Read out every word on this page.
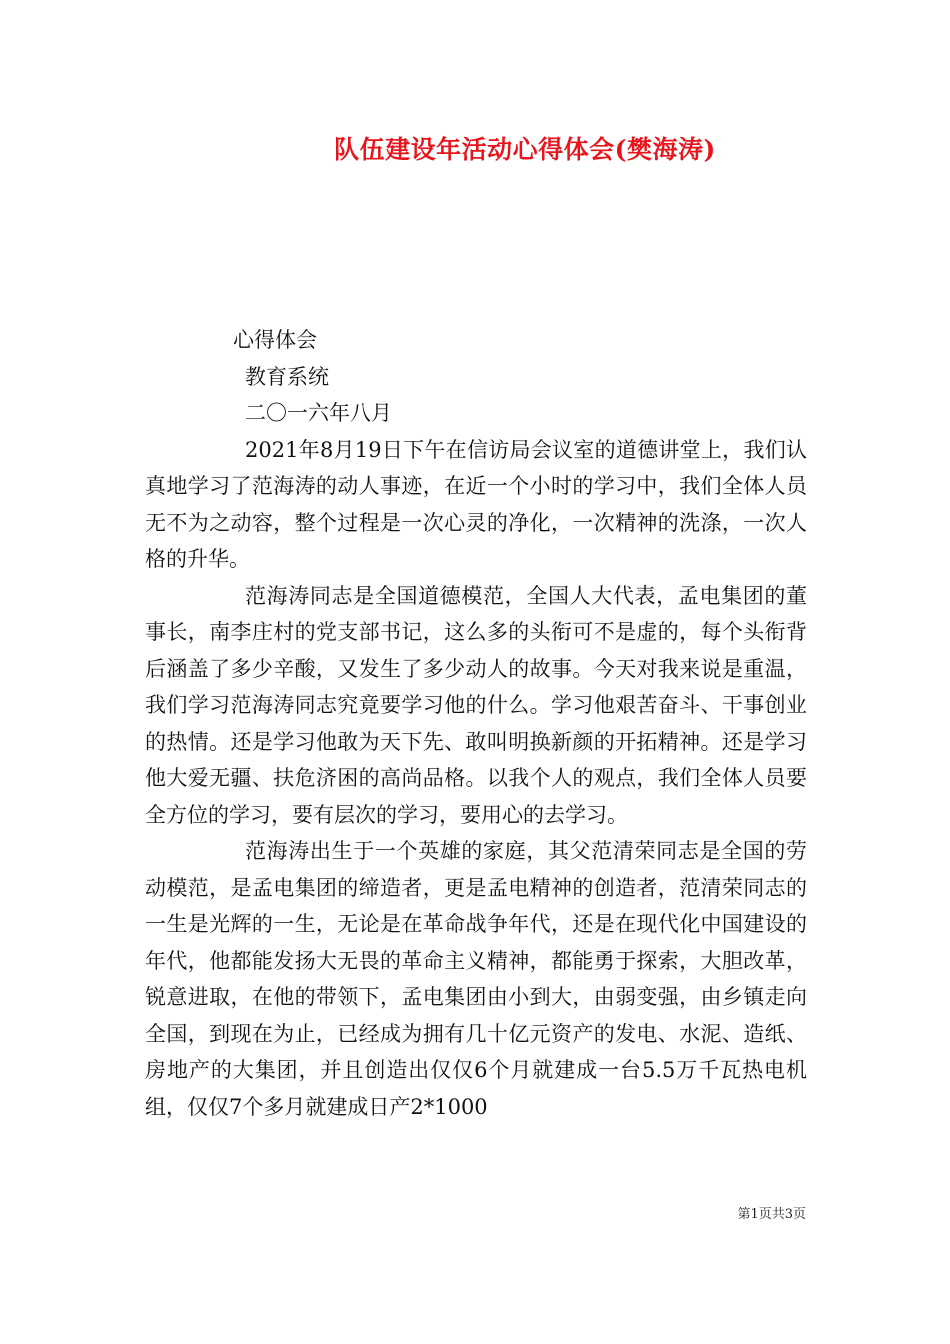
队伍建设年活动心得体会(樊海涛)

心得体会

教育系统

二〇一六年八月

2021年8月19日下午在信访局会议室的道德讲堂上，我们认真地学习了范海涛的动人事迹，在近一个小时的学习中，我们全体人员无不为之动容，整个过程是一次心灵的净化，一次精神的洗涤，一次人格的升华。

范海涛同志是全国道德模范，全国人大代表，孟电集团的董事长，南李庄村的党支部书记，这么多的头衔可不是虚的，每个头衔背后涵盖了多少辛酸，又发生了多少动人的故事。今天对我来说是重温，我们学习范海涛同志究竟要学习他的什么。学习他艰苦奋斗、干事创业的热情。还是学习他敢为天下先、敢叫明换新颜的开拓精神。还是学习他大爱无疆、扶危济困的高尚品格。以我个人的观点，我们全体人员要全方位的学习，要有层次的学习，要用心的去学习。

范海涛出生于一个英雄的家庭，其父范清荣同志是全国的劳动模范，是孟电集团的缔造者，更是孟电精神的创造者，范清荣同志的一生是光辉的一生，无论是在革命战争年代，还是在现代化中国建设的年代，他都能发扬大无畏的革命主义精神，都能勇于探索，大胆改革，锐意进取，在他的带领下，孟电集团由小到大，由弱变强，由乡镇走向全国，到现在为止，已经成为拥有几十亿元资产的发电、水泥、造纸、房地产的大集团，并且创造出仅仅6个月就建成一台5.5万千瓦热电机组，仅仅7个多月就建成日产2*1000

第1页共3页
